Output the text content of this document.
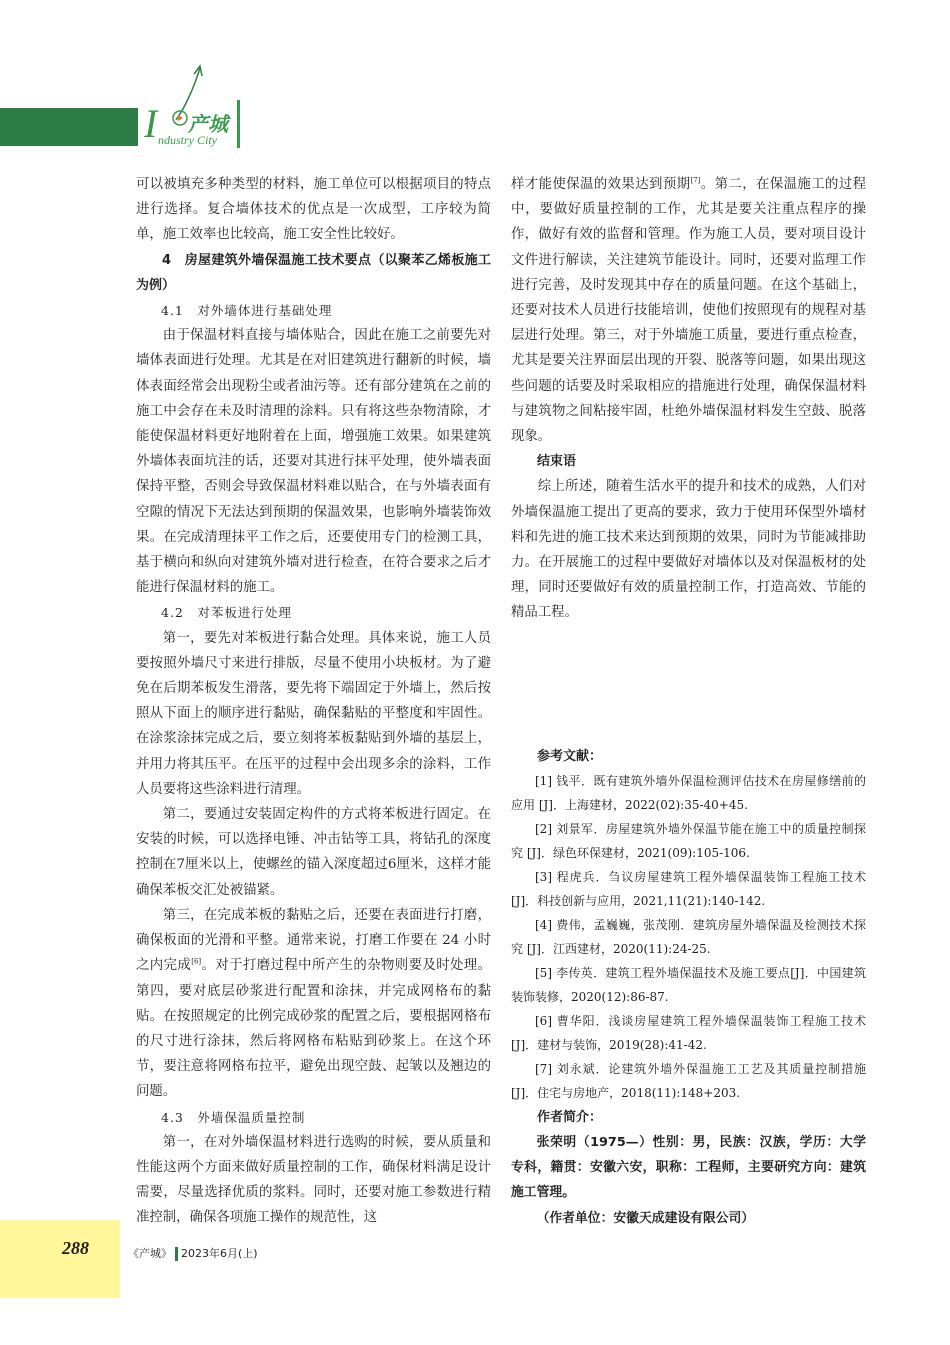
I 产城
ndustry City

可以被填充多种类型的材料，施工单位可以根据项目的特点进行选择。复合墙体技术的优点是一次成型，工序较为简单，施工效率也比较高，施工安全性比较好。

4　房屋建筑外墙保温施工技术要点（以聚苯乙烯板施工为例）

4.1　对外墙体进行基础处理

由于保温材料直接与墙体贴合，因此在施工之前要先对墙体表面进行处理。尤其是在对旧建筑进行翻新的时候，墙体表面经常会出现粉尘或者油污等。还有部分建筑在之前的施工中会存在未及时清理的涂料。只有将这些杂物清除，才能使保温材料更好地附着在上面，增强施工效果。如果建筑外墙体表面坑洼的话，还要对其进行抹平处理，使外墙表面保持平整，否则会导致保温材料难以贴合，在与外墙表面有空隙的情况下无法达到预期的保温效果，也影响外墙装饰效果。在完成清理抹平工作之后，还要使用专门的检测工具，基于横向和纵向对建筑外墙对进行检查，在符合要求之后才能进行保温材料的施工。

4.2　对苯板进行处理

第一，要先对苯板进行黏合处理。具体来说，施工人员要按照外墙尺寸来进行排版，尽量不使用小块板材。为了避免在后期苯板发生滑落，要先将下端固定于外墙上，然后按照从下面上的顺序进行黏贴，确保黏贴的平整度和牢固性。在涂浆涂抹完成之后，要立刻将苯板黏贴到外墙的基层上，并用力将其压平。在压平的过程中会出现多余的涂料，工作人员要将这些涂料进行清理。

第二，要通过安装固定构件的方式将苯板进行固定。在安装的时候，可以选择电锤、冲击钻等工具，将钻孔的深度控制在7厘米以上，使螺丝的锚入深度超过6厘米，这样才能确保苯板交汇处被锚紧。

第三，在完成苯板的黏贴之后，还要在表面进行打磨，确保板面的光滑和平整。通常来说，打磨工作要在 24 小时之内完成[6]。对于打磨过程中所产生的杂物则要及时处理。第四，要对底层砂浆进行配置和涂抹，并完成网格布的黏贴。在按照规定的比例完成砂浆的配置之后，要根据网格布的尺寸进行涂抹，然后将网格布粘贴到砂浆上。在这个环节，要注意将网格布拉平，避免出现空鼓、起皱以及翘边的问题。

4.3　外墙保温质量控制

第一，在对外墙保温材料进行选购的时候，要从质量和性能这两个方面来做好质量控制的工作，确保材料满足设计需要，尽量选择优质的浆料。同时，还要对施工参数进行精准控制，确保各项施工操作的规范性，这

样才能使保温的效果达到预期[7]。第二，在保温施工的过程中，要做好质量控制的工作，尤其是要关注重点程序的操作，做好有效的监督和管理。作为施工人员，要对项目设计文件进行解读，关注建筑节能设计。同时，还要对监理工作进行完善，及时发现其中存在的质量问题。在这个基础上，还要对技术人员进行技能培训，使他们按照现有的规程对基层进行处理。第三，对于外墙施工质量，要进行重点检查，尤其是要关注界面层出现的开裂、脱落等问题，如果出现这些问题的话要及时采取相应的措施进行处理，确保保温材料与建筑物之间粘接牢固，杜绝外墙保温材料发生空鼓、脱落现象。

结束语

综上所述，随着生活水平的提升和技术的成熟，人们对外墙保温施工提出了更高的要求，致力于使用环保型外墙材料和先进的施工技术来达到预期的效果，同时为节能减排助力。在开展施工的过程中要做好对墙体以及对保温板材的处理，同时还要做好有效的质量控制工作，打造高效、节能的精品工程。

参考文献：

[1] 钱平．既有建筑外墙外保温检测评估技术在房屋修缮前的应用 [J]．上海建材，2022(02):35-40+45.

[2] 刘景军．房屋建筑外墙外保温节能在施工中的质量控制探究 [J]．绿色环保建材，2021(09):105-106.

[3] 程虎兵．刍议房屋建筑工程外墙保温装饰工程施工技术 [J]．科技创新与应用，2021,11(21):140-142.

[4] 费伟，孟巍巍，张茂刚．建筑房屋外墙保温及检测技术探究 [J]．江西建材，2020(11):24-25.

[5] 李传英．建筑工程外墙保温技术及施工要点[J]．中国建筑装饰装修，2020(12):86-87.

[6] 曹华阳．浅谈房屋建筑工程外墙保温装饰工程施工技术 [J]．建材与装饰，2019(28):41-42.

[7] 刘永斌．论建筑外墙外保温施工工艺及其质量控制措施 [J]．住宅与房地产，2018(11):148+203.

作者简介：

张荣明（1975—）性别：男，民族：汉族，学历：大学专科，籍贯：安徽六安，职称：工程师，主要研究方向：建筑施工管理。

（作者单位：安徽天成建设有限公司）

288	《产城》 2023年6月(上)
